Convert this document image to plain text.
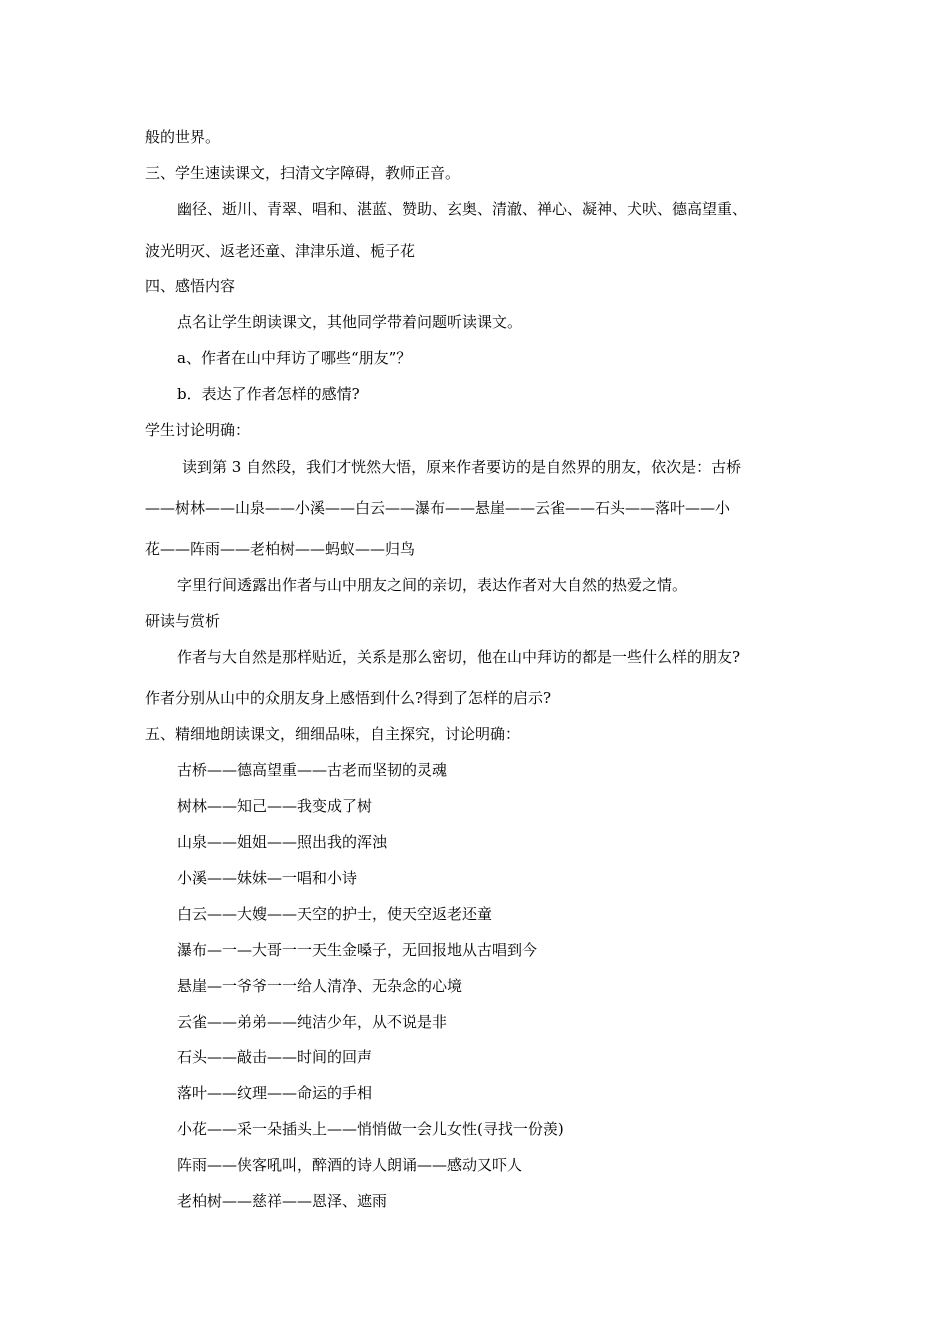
般的世界。
三、学生速读课文，扫清文字障碍，教师正音。
幽径、逝川、青翠、唱和、湛蓝、赞助、玄奥、清澈、禅心、凝神、犬吠、德高望重、
波光明灭、返老还童、津津乐道、栀子花
四、感悟内容
点名让学生朗读课文，其他同学带着问题听读课文。
a、作者在山中拜访了哪些“朋友”？
b．表达了作者怎样的感情?
学生讨论明确：
读到第 3 自然段，我们才恍然大悟，原来作者要访的是自然界的朋友，依次是：古桥
——树林——山泉——小溪——白云——瀑布——悬崖——云雀——石头——落叶——小
花——阵雨——老柏树——蚂蚁——归鸟
字里行间透露出作者与山中朋友之间的亲切，表达作者对大自然的热爱之情。
研读与赏析
作者与大自然是那样贴近，关系是那么密切，他在山中拜访的都是一些什么样的朋友?
作者分别从山中的众朋友身上感悟到什么?得到了怎样的启示?
五、精细地朗读课文，细细品味，自主探究，讨论明确：
古桥——德高望重——古老而坚韧的灵魂
树林——知己——我变成了树
山泉——姐姐——照出我的浑浊
小溪——妹妹—一唱和小诗
白云——大嫂——天空的护士，使天空返老还童
瀑布—一—大哥一一天生金嗓子，无回报地从古唱到今
悬崖—一爷爷一一给人清净、无杂念的心境
云雀——弟弟——纯洁少年，从不说是非
石头——敲击——时间的回声
落叶——纹理——命运的手相
小花——采一朵插头上——悄悄做一会儿女性(寻找一份羡)
阵雨——侠客吼叫，醉酒的诗人朗诵——感动又吓人
老柏树——慈祥——恩泽、遮雨
